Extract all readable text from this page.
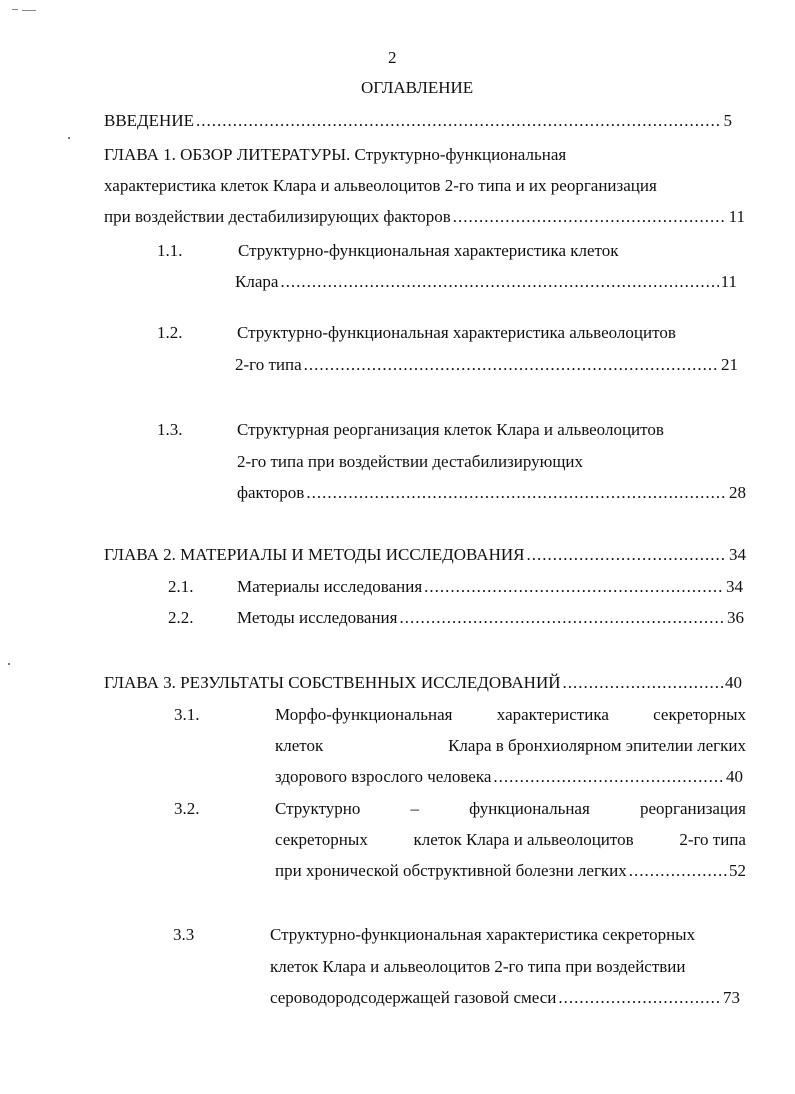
2
ОГЛАВЛЕНИЕ
ВВЕДЕНИЕ .....	5
ГЛАВА 1. ОБЗОР ЛИТЕРАТУРЫ. Структурно-функциональная
характеристика клеток Клара и альвеолоцитов 2-го типа и их реорганизация
при воздействии дестабилизирующих факторов .....	11
1.1.	Структурно-функциональная характеристика клеток
Клара .....	11
1.2.	Структурно-функциональная характеристика альвеолоцитов
2-го типа .....	21
1.3.	Структурная реорганизация клеток Клара и альвеолоцитов
2-го типа при воздействии дестабилизирующих
факторов .....	28
ГЛАВА 2. МАТЕРИАЛЫ И МЕТОДЫ ИССЛЕДОВАНИЯ .....	34
2.1.	Материалы исследования .....	34
2.2.	Методы исследования .....	36
ГЛАВА 3. РЕЗУЛЬТАТЫ СОБСТВЕННЫХ ИССЛЕДОВАНИЙ .....	40
3.1.	Морфо-функциональная	характеристика	секреторных
клеток	Клара в бронхиолярном эпителии легких
здорового взрослого человека .....	40
3.2.	Структурно	–	функциональная	реорганизация
секреторных	клеток Клара и альвеолоцитов	2-го типа
при хронической обструктивной болезни легких .....	52
3.3	Структурно-функциональная характеристика секреторных
клеток Клара и альвеолоцитов 2-го типа при воздействии
сероводородсодержащей газовой смеси .....	73
